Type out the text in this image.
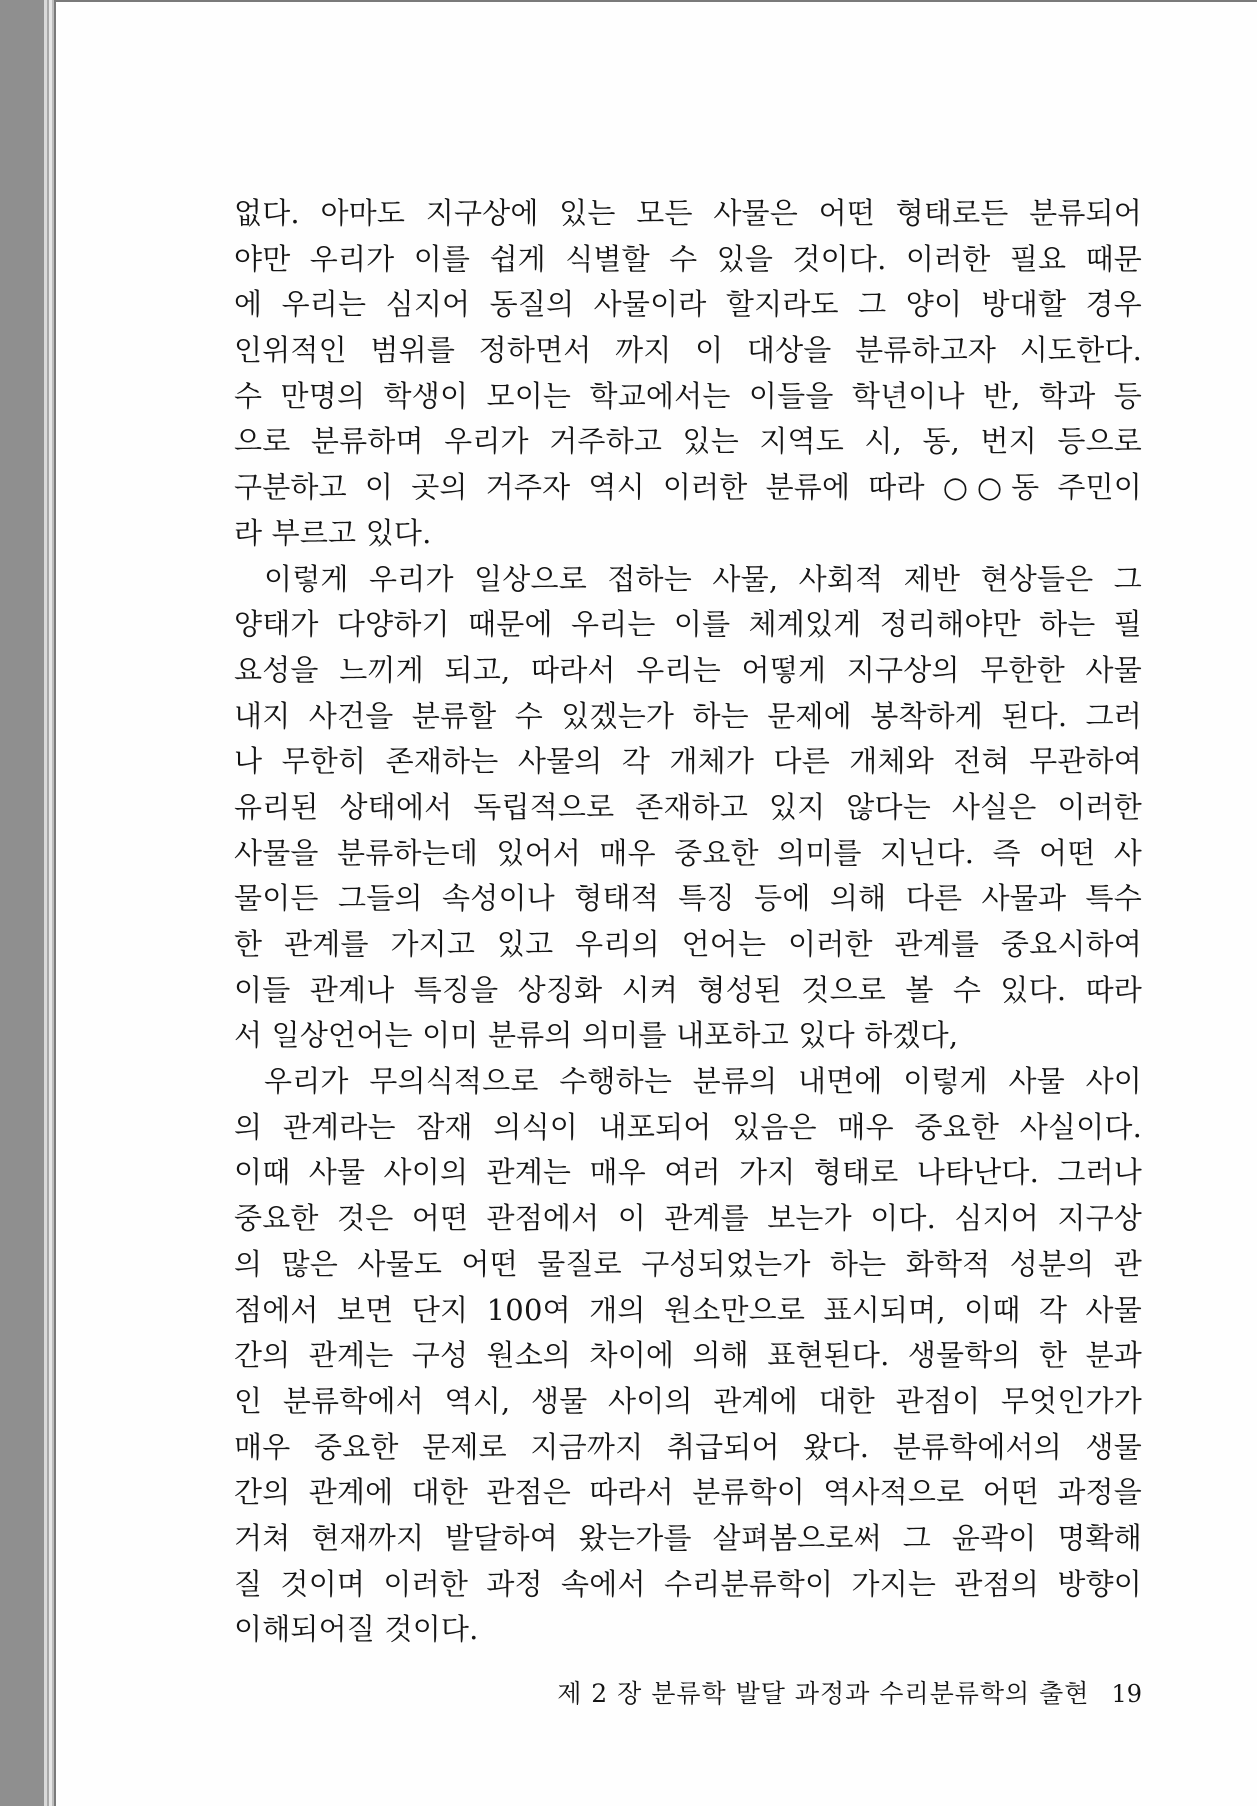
없다. 아마도 지구상에 있는 모든 사물은 어떤 형태로든 분류되어
야만 우리가 이를 쉽게 식별할 수 있을 것이다. 이러한 필요 때문
에 우리는 심지어 동질의 사물이라 할지라도 그 양이 방대할 경우
인위적인 범위를 정하면서 까지 이 대상을 분류하고자 시도한다.
수 만명의 학생이 모이는 학교에서는 이들을 학년이나 반, 학과 등
으로 분류하며 우리가 거주하고 있는 지역도 시, 동, 번지 등으로
구분하고 이 곳의 거주자 역시 이러한 분류에 따라 ○○동 주민이
라 부르고 있다.
이렇게 우리가 일상으로 접하는 사물, 사회적 제반 현상들은 그
양태가 다양하기 때문에 우리는 이를 체계있게 정리해야만 하는 필
요성을 느끼게 되고, 따라서 우리는 어떻게 지구상의 무한한 사물
내지 사건을 분류할 수 있겠는가 하는 문제에 봉착하게 된다. 그러
나 무한히 존재하는 사물의 각 개체가 다른 개체와 전혀 무관하여
유리된 상태에서 독립적으로 존재하고 있지 않다는 사실은 이러한
사물을 분류하는데 있어서 매우 중요한 의미를 지닌다. 즉 어떤 사
물이든 그들의 속성이나 형태적 특징 등에 의해 다른 사물과 특수
한 관계를 가지고 있고 우리의 언어는 이러한 관계를 중요시하여
이들 관계나 특징을 상징화 시켜 형성된 것으로 볼 수 있다. 따라
서 일상언어는 이미 분류의 의미를 내포하고 있다 하겠다,
우리가 무의식적으로 수행하는 분류의 내면에 이렇게 사물 사이
의 관계라는 잠재 의식이 내포되어 있음은 매우 중요한 사실이다.
이때 사물 사이의 관계는 매우 여러 가지 형태로 나타난다. 그러나
중요한 것은 어떤 관점에서 이 관계를 보는가 이다. 심지어 지구상
의 많은 사물도 어떤 물질로 구성되었는가 하는 화학적 성분의 관
점에서 보면 단지 100여 개의 원소만으로 표시되며, 이때 각 사물
간의 관계는 구성 원소의 차이에 의해 표현된다. 생물학의 한 분과
인 분류학에서 역시, 생물 사이의 관계에 대한 관점이 무엇인가가
매우 중요한 문제로 지금까지 취급되어 왔다. 분류학에서의 생물
간의 관계에 대한 관점은 따라서 분류학이 역사적으로 어떤 과정을
거쳐 현재까지 발달하여 왔는가를 살펴봄으로써 그 윤곽이 명확해
질 것이며 이러한 과정 속에서 수리분류학이 가지는 관점의 방향이
이해되어질 것이다.
제 2 장 분류학 발달 과정과 수리분류학의 출현 19
